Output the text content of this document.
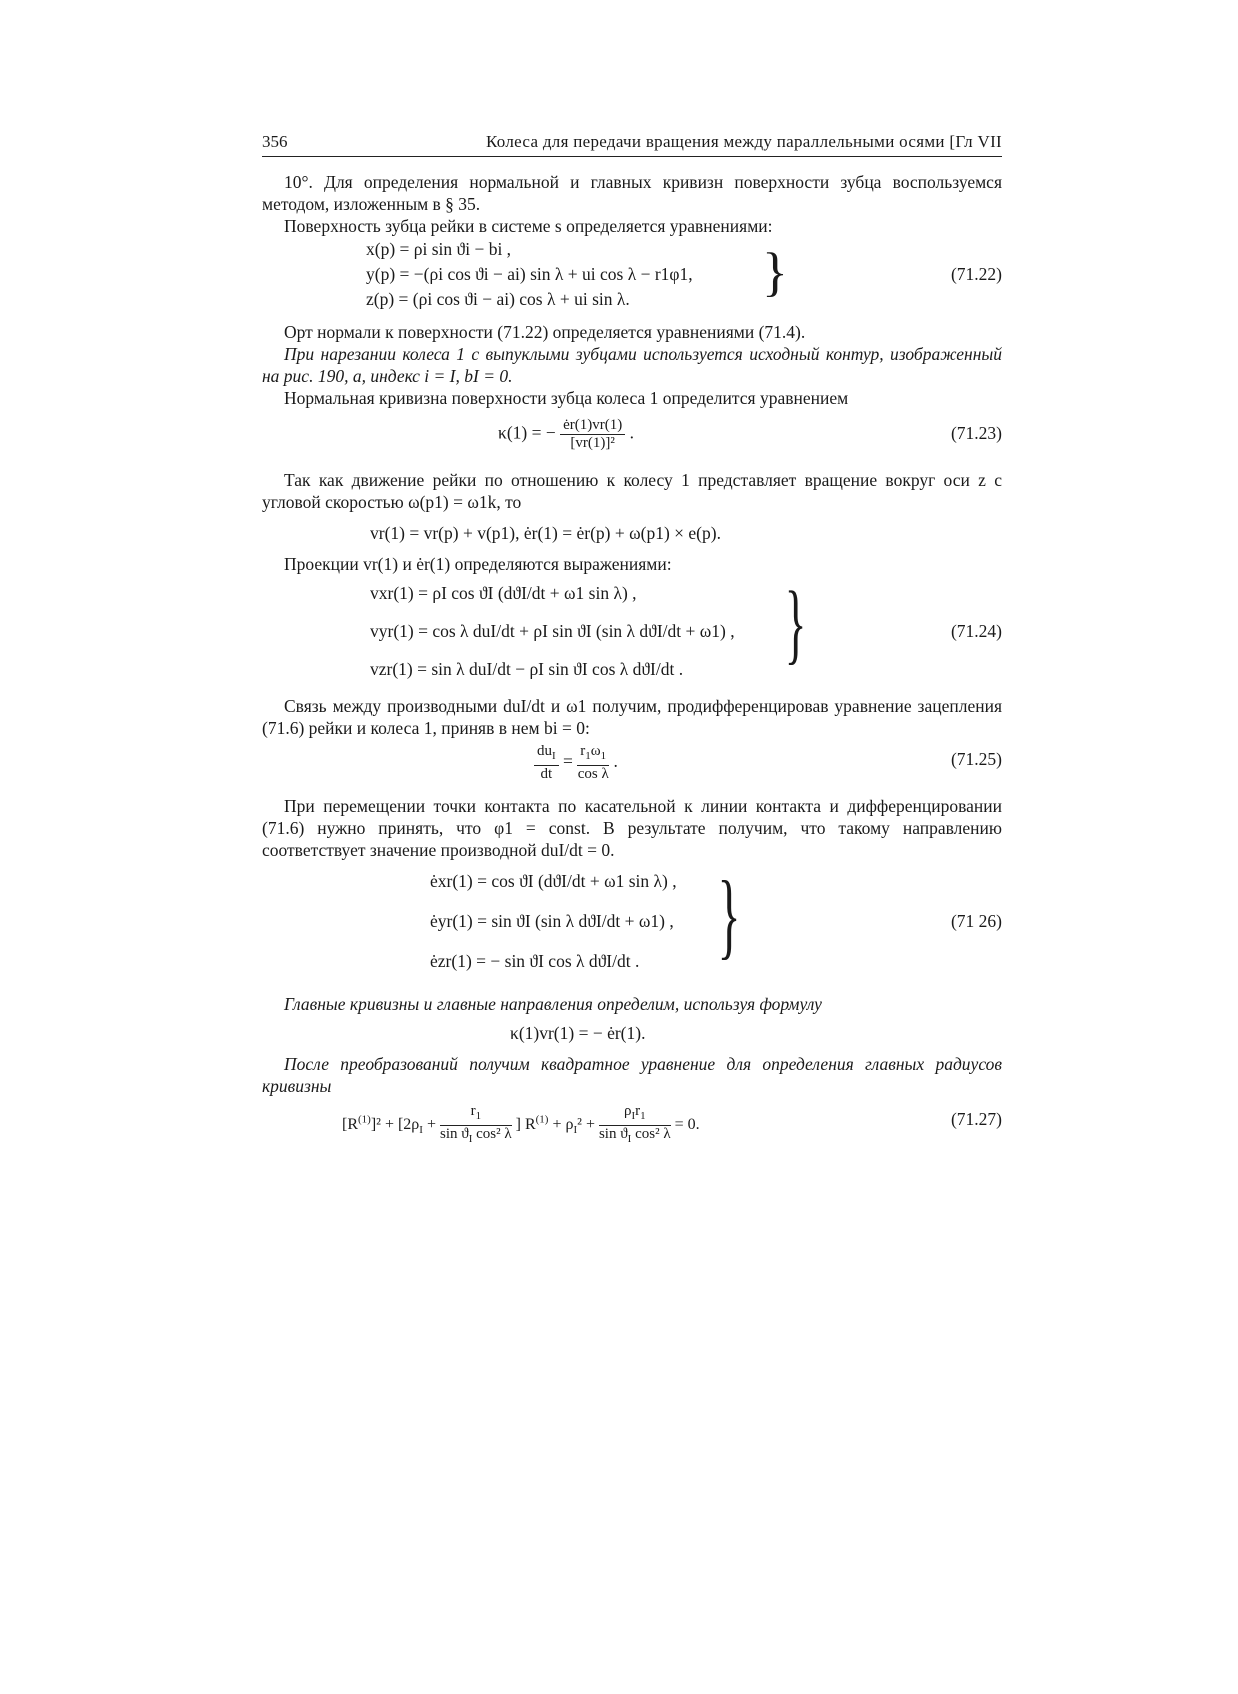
356	Колеса для передачи вращения между параллельными осями [Гл VII

10°. Для определения нормальной и главных кривизн поверхности зубца воспользуемся методом, изложенным в § 35.

Поверхность зубца рейки в системе s определяется уравнениями:

x(p) = ρi sin ϑi − bi ,
y(p) = −(ρi cos ϑi − ai) sin λ + ui cos λ − r1φ1,
z(p) = (ρi cos ϑi − ai) cos λ + ui sin λ. }	(71.22)

Орт нормали к поверхности (71.22) определяется уравнениями (71.4).

При нарезании колеса 1 с выпуклыми зубцами используется исходный контур, изображенный на рис. 190, a, индекс i = I, bI = 0.

Нормальная кривизна поверхности зубца колеса 1 определится уравнением

κ(1) = − $\frac{ėr(1)vr(1)}{\text{[vr(1)]²}}$ .	(71.23)

Так как движение рейки по отношению к колесу 1 представляет вращение вокруг оси z с угловой скоростью ω(p1) = ω1k, то

vr(1) = vr(p) + v(p1), ėr(1) = ėr(p) + ω(p1) × e(p).

Проекции vr(1) и ėr(1) определяются выражениями:

vxr(1) = ρI cos ϑI (dϑI/dt + ω1 sin λ) ,
vyr(1) = cos λ duI/dt + ρI sin ϑI (sin λ dϑI/dt + ω1) ,
vzr(1) = sin λ duI/dt − ρI sin ϑI cos λ dϑI/dt . }	(71.24)

Связь между производными duI/dt и ω1 получим, продифференцировав уравнение зацепления (71.6) рейки и колеса 1, приняв в нем bi = 0:

$\frac{du_I}{dt} = \frac{r_1\omega_1}{\text{cos λ}}$ .	(71.25)

При перемещении точки контакта по касательной к линии контакта и дифференцировании (71.6) нужно принять, что φ1 = const. В результате получим, что такому направлению соответствует значение производной duI/dt = 0.

ėxr(1) = cos ϑI (dϑI/dt + ω1 sin λ) ,
ėyr(1) = sin ϑI (sin λ dϑI/dt + ω1) ,
ėzr(1) = − sin ϑI cos λ dϑI/dt . }	(71 26)

Главные кривизны и главные направления определим, используя формулу

κ(1)vr(1) = − ėr(1).

После преобразований получим квадратное уравнение для определения главных радиусов кривизны

$[R^{(1)}]^2 + [2\rho_I + \frac{r_1}{\sin ϑ_I \cos^2 \lambda}$ ] $R^{(1)} + \rho_I^2 + \frac{\rho_Ir_1}{\sin ϑ_I \cos^2 \lambda} = 0$.	(71.27)
